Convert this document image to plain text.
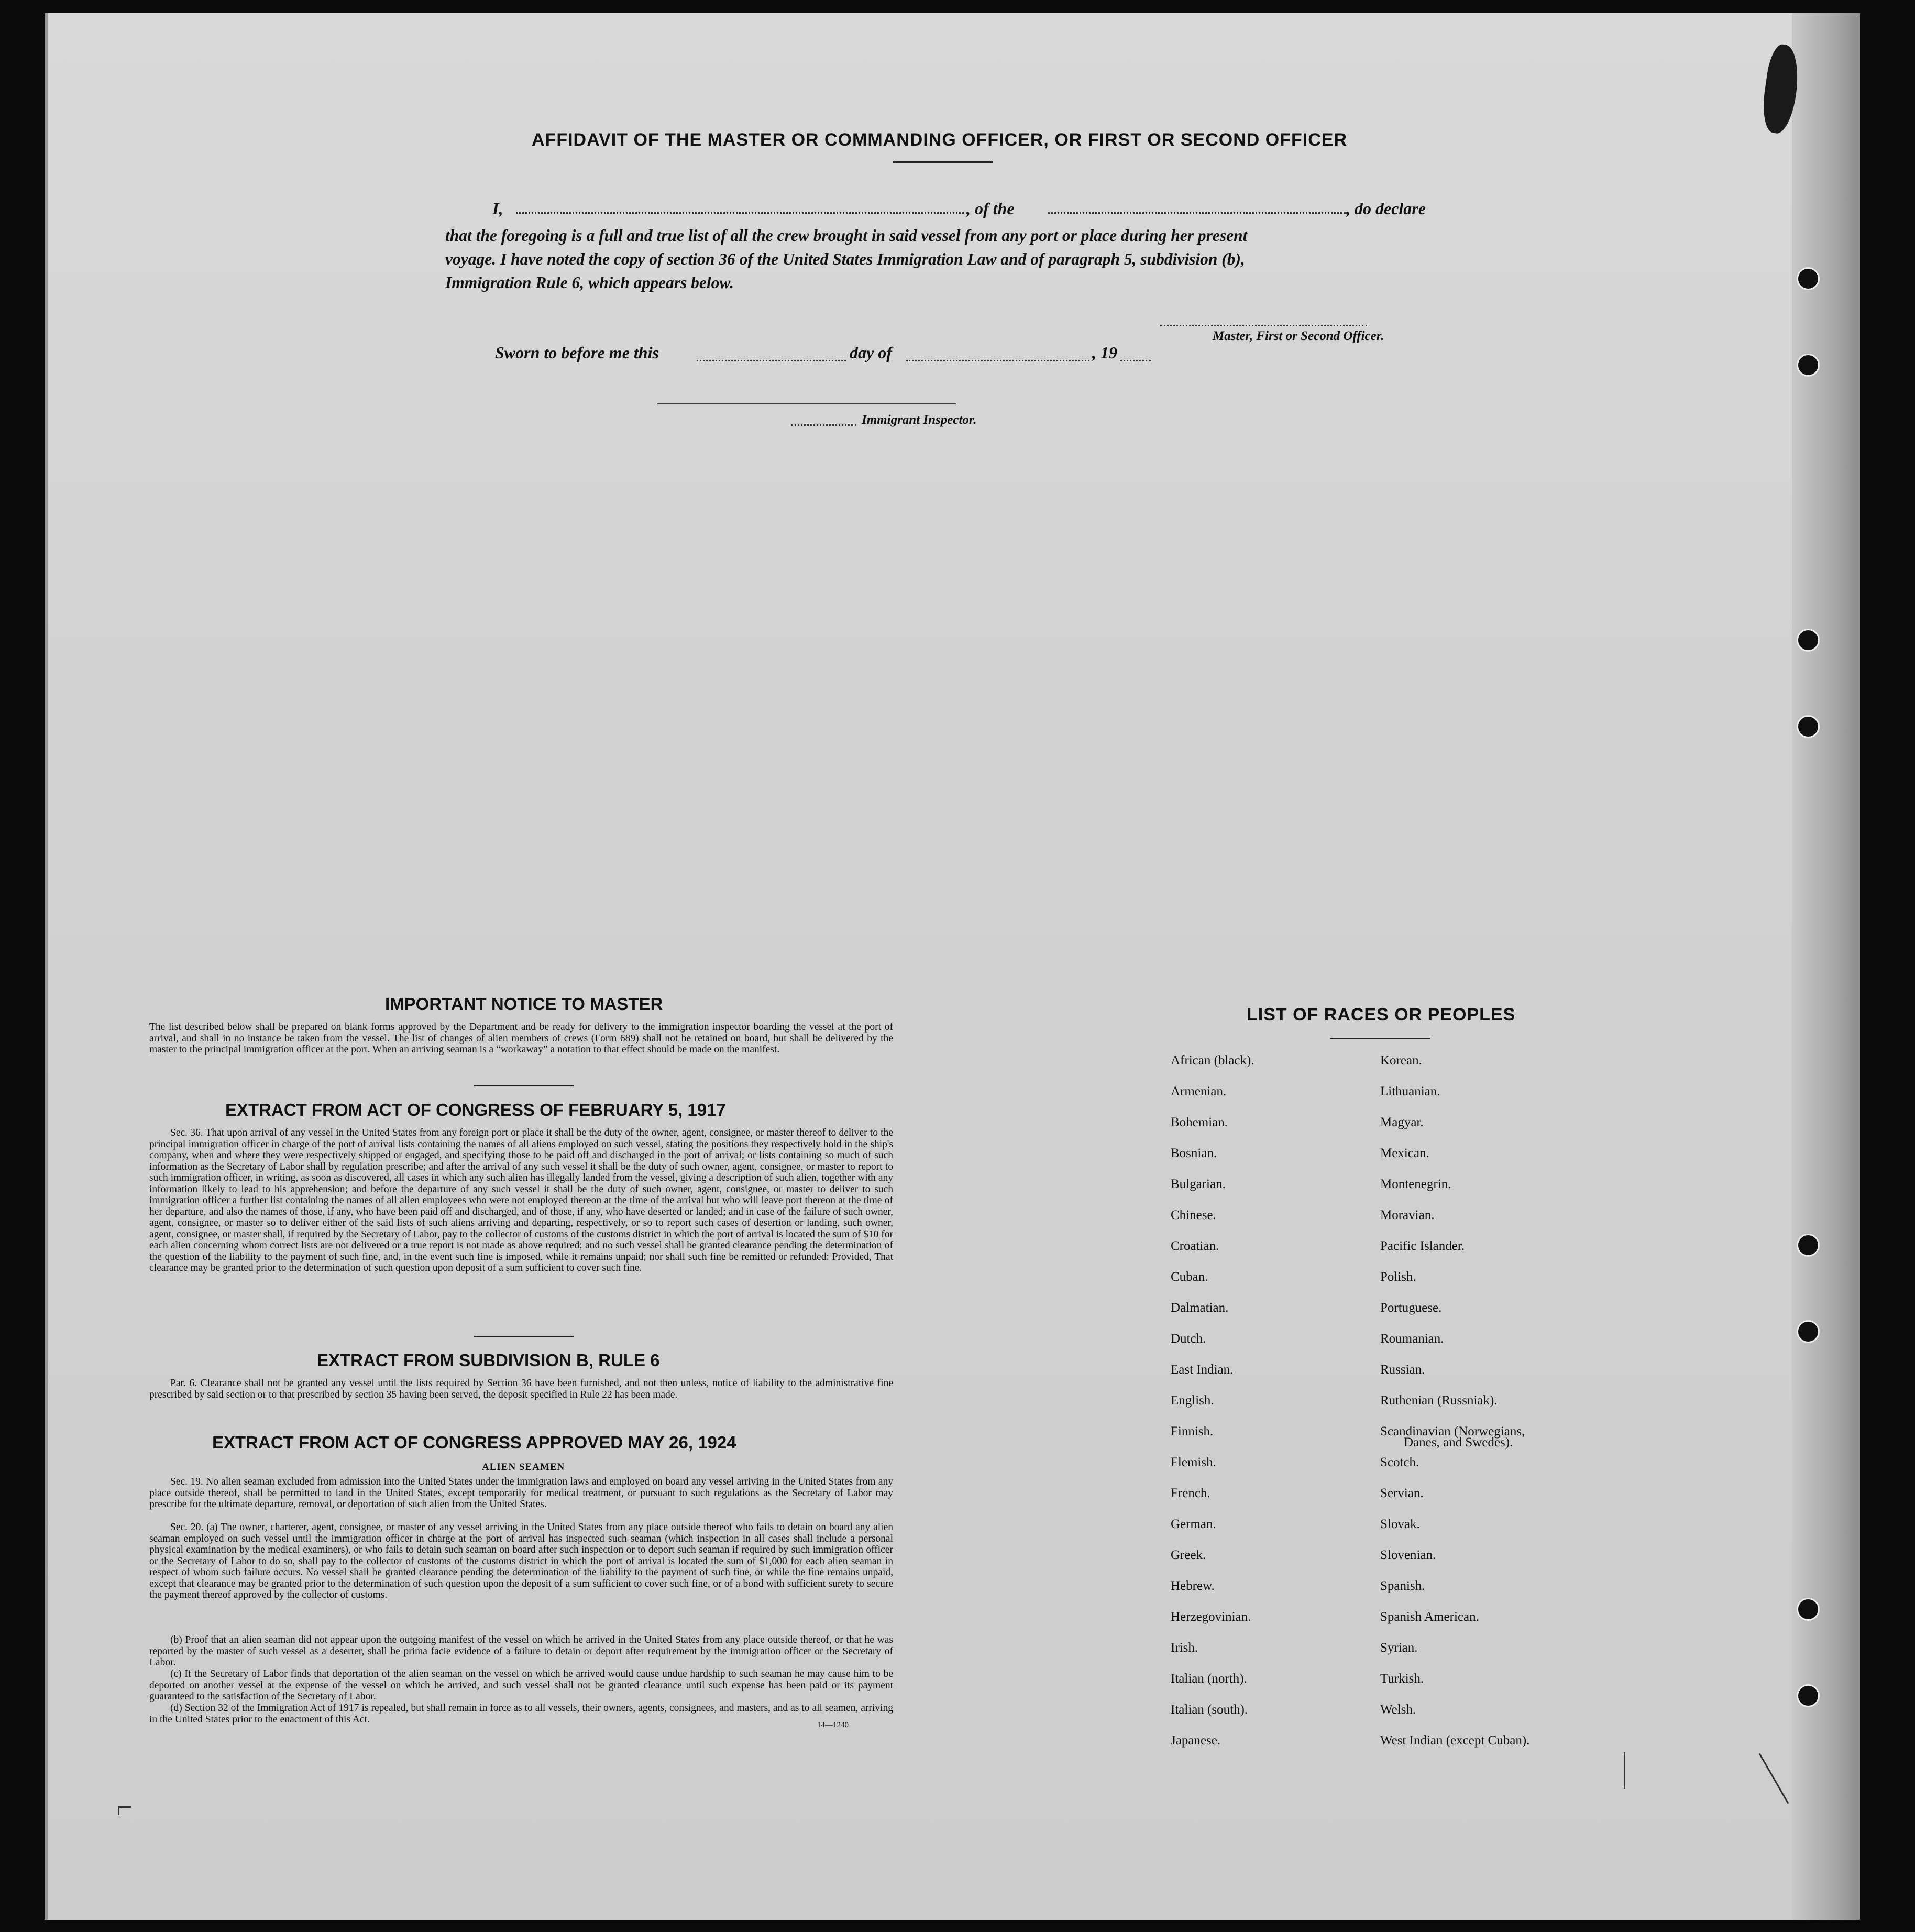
AFFIDAVIT OF THE MASTER OR COMMANDING OFFICER, OR FIRST OR SECOND OFFICER
I,	, of the	, do declare
that the foregoing is a full and true list of all the crew brought in said vessel from any port or place during her present
voyage. I have noted the copy of section 36 of the United States Immigration Law and of paragraph 5, subdivision (b),
Immigration Rule 6, which appears below.
Master, First or Second Officer.
Sworn to before me this	day of	, 19
Immigrant Inspector.
IMPORTANT NOTICE TO MASTER
The list described below shall be prepared on blank forms approved by the Department and be ready for delivery to the immigration inspector boarding the vessel at the port of arrival, and shall in no instance be taken from the vessel. The list of changes of alien members of crews (Form 689) shall not be retained on board, but shall be delivered by the master to the principal immigration officer at the port. When an arriving seaman is a “workaway” a notation to that effect should be made on the manifest.
EXTRACT FROM ACT OF CONGRESS OF FEBRUARY 5, 1917
Sec. 36. That upon arrival of any vessel in the United States from any foreign port or place it shall be the duty of the owner, agent, consignee, or master thereof to deliver to the principal immigration officer in charge of the port of arrival lists containing the names of all aliens employed on such vessel, stating the positions they respectively hold in the ship's company, when and where they were respectively shipped or engaged, and specifying those to be paid off and discharged in the port of arrival; or lists containing so much of such information as the Secretary of Labor shall by regulation prescribe; and after the arrival of any such vessel it shall be the duty of such owner, agent, consignee, or master to report to such immigration officer, in writing, as soon as discovered, all cases in which any such alien has illegally landed from the vessel, giving a description of such alien, together with any information likely to lead to his apprehension; and before the departure of any such vessel it shall be the duty of such owner, agent, consignee, or master to deliver to such immigration officer a further list containing the names of all alien employees who were not employed thereon at the time of the arrival but who will leave port thereon at the time of her departure, and also the names of those, if any, who have been paid off and discharged, and of those, if any, who have deserted or landed; and in case of the failure of such owner, agent, consignee, or master so to deliver either of the said lists of such aliens arriving and departing, respectively, or so to report such cases of desertion or landing, such owner, agent, consignee, or master shall, if required by the Secretary of Labor, pay to the collector of customs of the customs district in which the port of arrival is located the sum of $10 for each alien concerning whom correct lists are not delivered or a true report is not made as above required; and no such vessel shall be granted clearance pending the determination of the question of the liability to the payment of such fine, and, in the event such fine is imposed, while it remains unpaid; nor shall such fine be remitted or refunded: Provided, That clearance may be granted prior to the determination of such question upon deposit of a sum sufficient to cover such fine.
EXTRACT FROM SUBDIVISION B, RULE 6
Par. 6. Clearance shall not be granted any vessel until the lists required by Section 36 have been furnished, and not then unless, notice of liability to the administrative fine prescribed by said section or to that prescribed by section 35 having been served, the deposit specified in Rule 22 has been made.
EXTRACT FROM ACT OF CONGRESS APPROVED MAY 26, 1924
ALIEN SEAMEN
Sec. 19. No alien seaman excluded from admission into the United States under the immigration laws and employed on board any vessel arriving in the United States from any place outside thereof, shall be permitted to land in the United States, except temporarily for medical treatment, or pursuant to such regulations as the Secretary of Labor may prescribe for the ultimate departure, removal, or deportation of such alien from the United States.
Sec. 20. (a) The owner, charterer, agent, consignee, or master of any vessel arriving in the United States from any place outside thereof who fails to detain on board any alien seaman employed on such vessel until the immigration officer in charge at the port of arrival has inspected such seaman (which inspection in all cases shall include a personal physical examination by the medical examiners), or who fails to detain such seaman on board after such inspection or to deport such seaman if required by such immigration officer or the Secretary of Labor to do so, shall pay to the collector of customs of the customs district in which the port of arrival is located the sum of $1,000 for each alien seaman in respect of whom such failure occurs. No vessel shall be granted clearance pending the determination of the liability to the payment of such fine, or while the fine remains unpaid, except that clearance may be granted prior to the determination of such question upon the deposit of a sum sufficient to cover such fine, or of a bond with sufficient surety to secure the payment thereof approved by the collector of customs.
(b) Proof that an alien seaman did not appear upon the outgoing manifest of the vessel on which he arrived in the United States from any place outside thereof, or that he was reported by the master of such vessel as a deserter, shall be prima facie evidence of a failure to detain or deport after requirement by the immigration officer or the Secretary of Labor.
(c) If the Secretary of Labor finds that deportation of the alien seaman on the vessel on which he arrived would cause undue hardship to such seaman he may cause him to be deported on another vessel at the expense of the vessel on which he arrived, and such vessel shall not be granted clearance until such expense has been paid or its payment guaranteed to the satisfaction of the Secretary of Labor.
(d) Section 32 of the Immigration Act of 1917 is repealed, but shall remain in force as to all vessels, their owners, agents, consignees, and masters, and as to all seamen, arriving in the United States prior to the enactment of this Act.
14—1240
LIST OF RACES OR PEOPLES
African (black).
Armenian.
Bohemian.
Bosnian.
Bulgarian.
Chinese.
Croatian.
Cuban.
Dalmatian.
Dutch.
East Indian.
English.
Finnish.
Flemish.
French.
German.
Greek.
Hebrew.
Herzegovinian.
Irish.
Italian (north).
Italian (south).
Japanese.
Korean.
Lithuanian.
Magyar.
Mexican.
Montenegrin.
Moravian.
Pacific Islander.
Polish.
Portuguese.
Roumanian.
Russian.
Ruthenian (Russniak).
Scandinavian (Norwegians,
Scotch.
Servian.
Slovak.
Slovenian.
Spanish.
Spanish American.
Syrian.
Turkish.
Welsh.
West Indian (except Cuban).
Danes, and Swedes).
